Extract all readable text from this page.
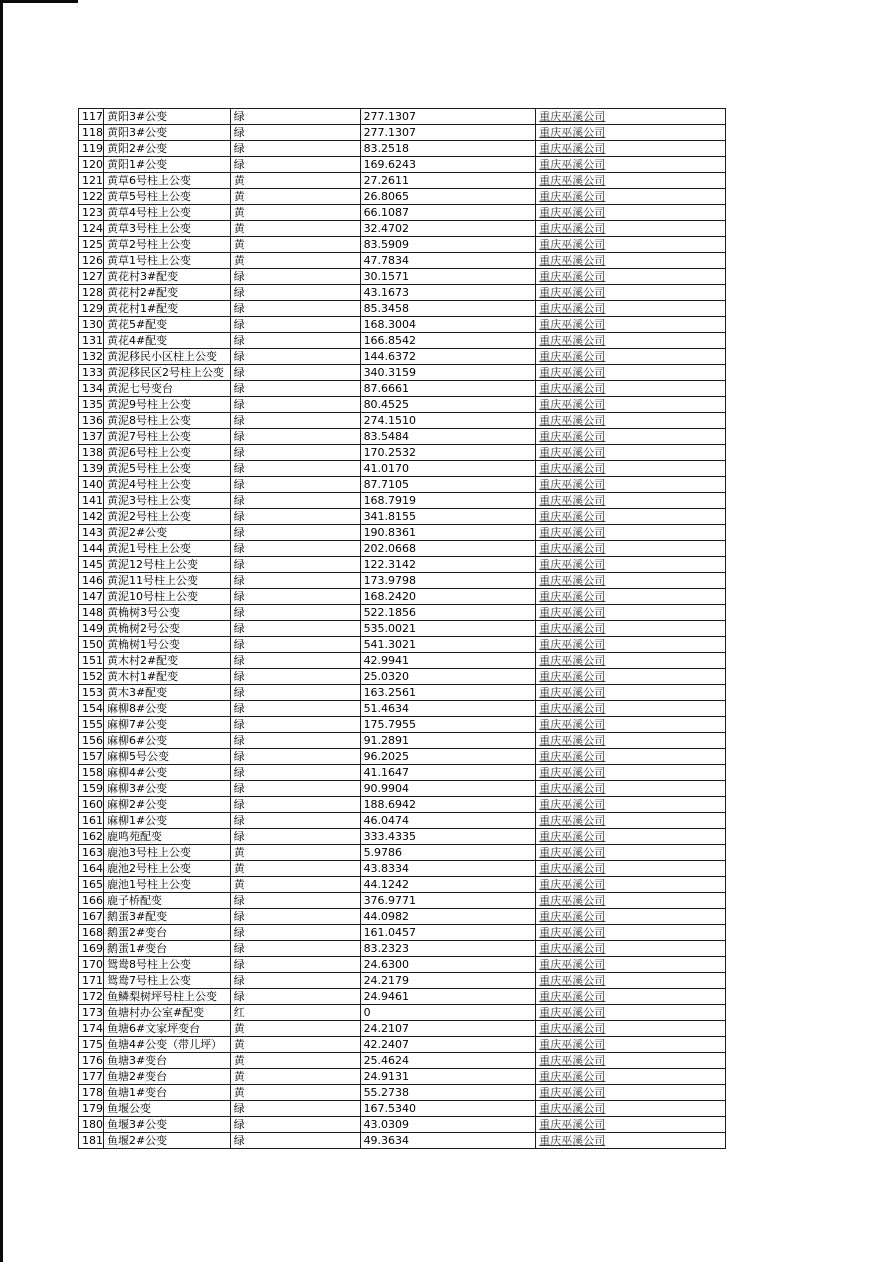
117 黄阳3#公变	绿	277.1307	重庆巫溪公司
118 黄阳3#公变	绿	277.1307	重庆巫溪公司
119 黄阳2#公变	绿	83.2518	重庆巫溪公司
120 黄阳1#公变	绿	169.6243	重庆巫溪公司
121 黄草6号柱上公变	黄	27.2611	重庆巫溪公司
122 黄草5号柱上公变	黄	26.8065	重庆巫溪公司
123 黄草4号柱上公变	黄	66.1087	重庆巫溪公司
124 黄草3号柱上公变	黄	32.4702	重庆巫溪公司
125 黄草2号柱上公变	黄	83.5909	重庆巫溪公司
126 黄草1号柱上公变	黄	47.7834	重庆巫溪公司
127 黄花村3#配变	绿	30.1571	重庆巫溪公司
128 黄花村2#配变	绿	43.1673	重庆巫溪公司
129 黄花村1#配变	绿	85.3458	重庆巫溪公司
130 黄花5#配变	绿	168.3004	重庆巫溪公司
131 黄花4#配变	绿	166.8542	重庆巫溪公司
132 黄泥移民小区柱上公变	绿	144.6372	重庆巫溪公司
133 黄泥移民区2号柱上公变 绿	340.3159	重庆巫溪公司
134 黄泥七号变台	绿	87.6661	重庆巫溪公司
135 黄泥9号柱上公变	绿	80.4525	重庆巫溪公司
136 黄泥8号柱上公变	绿	274.1510	重庆巫溪公司
137 黄泥7号柱上公变	绿	83.5484	重庆巫溪公司
138 黄泥6号柱上公变	绿	170.2532	重庆巫溪公司
139 黄泥5号柱上公变	绿	41.0170	重庆巫溪公司
140 黄泥4号柱上公变	绿	87.7105	重庆巫溪公司
141 黄泥3号柱上公变	绿	168.7919	重庆巫溪公司
142 黄泥2号柱上公变	绿	341.8155	重庆巫溪公司
143 黄泥2#公变	绿	190.8361	重庆巫溪公司
144 黄泥1号柱上公变	绿	202.0668	重庆巫溪公司
145 黄泥12号柱上公变	绿	122.3142	重庆巫溪公司
146 黄泥11号柱上公变	绿	173.9798	重庆巫溪公司
147 黄泥10号柱上公变	绿	168.2420	重庆巫溪公司
148 黄桷树3号公变	绿	522.1856	重庆巫溪公司
149 黄桷树2号公变	绿	535.0021	重庆巫溪公司
150 黄桷树1号公变	绿	541.3021	重庆巫溪公司
151 黄木村2#配变	绿	42.9941	重庆巫溪公司
152 黄木村1#配变	绿	25.0320	重庆巫溪公司
153 黄木3#配变	绿	163.2561	重庆巫溪公司
154 麻柳8#公变	绿	51.4634	重庆巫溪公司
155 麻柳7#公变	绿	175.7955	重庆巫溪公司
156 麻柳6#公变	绿	91.2891	重庆巫溪公司
157 麻柳5号公变	绿	96.2025	重庆巫溪公司
158 麻柳4#公变	绿	41.1647	重庆巫溪公司
159 麻柳3#公变	绿	90.9904	重庆巫溪公司
160 麻柳2#公变	绿	188.6942	重庆巫溪公司
161 麻柳1#公变	绿	46.0474	重庆巫溪公司
162 鹿鸣苑配变	绿	333.4335	重庆巫溪公司
163 鹿池3号柱上公变	黄	5.9786	重庆巫溪公司
164 鹿池2号柱上公变	黄	43.8334	重庆巫溪公司
165 鹿池1号柱上公变	黄	44.1242	重庆巫溪公司
166 鹿子桥配变	绿	376.9771	重庆巫溪公司
167 鹅蛋3#配变	绿	44.0982	重庆巫溪公司
168 鹅蛋2#变台	绿	161.0457	重庆巫溪公司
169 鹅蛋1#变台	绿	83.2323	重庆巫溪公司
170 鸳鸯8号柱上公变	绿	24.6300	重庆巫溪公司
171 鸳鸯7号柱上公变	绿	24.2179	重庆巫溪公司
172 鱼鳞梨树坪号柱上公变	绿	24.9461	重庆巫溪公司
173 鱼塘村办公室#配变	红	0	重庆巫溪公司
174 鱼塘6#文家坪变台	黄	24.2107	重庆巫溪公司
175 鱼塘4#公变（带儿坪）	黄	42.2407	重庆巫溪公司
176 鱼塘3#变台	黄	25.4624	重庆巫溪公司
177 鱼塘2#变台	黄	24.9131	重庆巫溪公司
178 鱼塘1#变台	黄	55.2738	重庆巫溪公司
179 鱼堰公变	绿	167.5340	重庆巫溪公司
180 鱼堰3#公变	绿	43.0309	重庆巫溪公司
181 鱼堰2#公变	绿	49.3634	重庆巫溪公司
